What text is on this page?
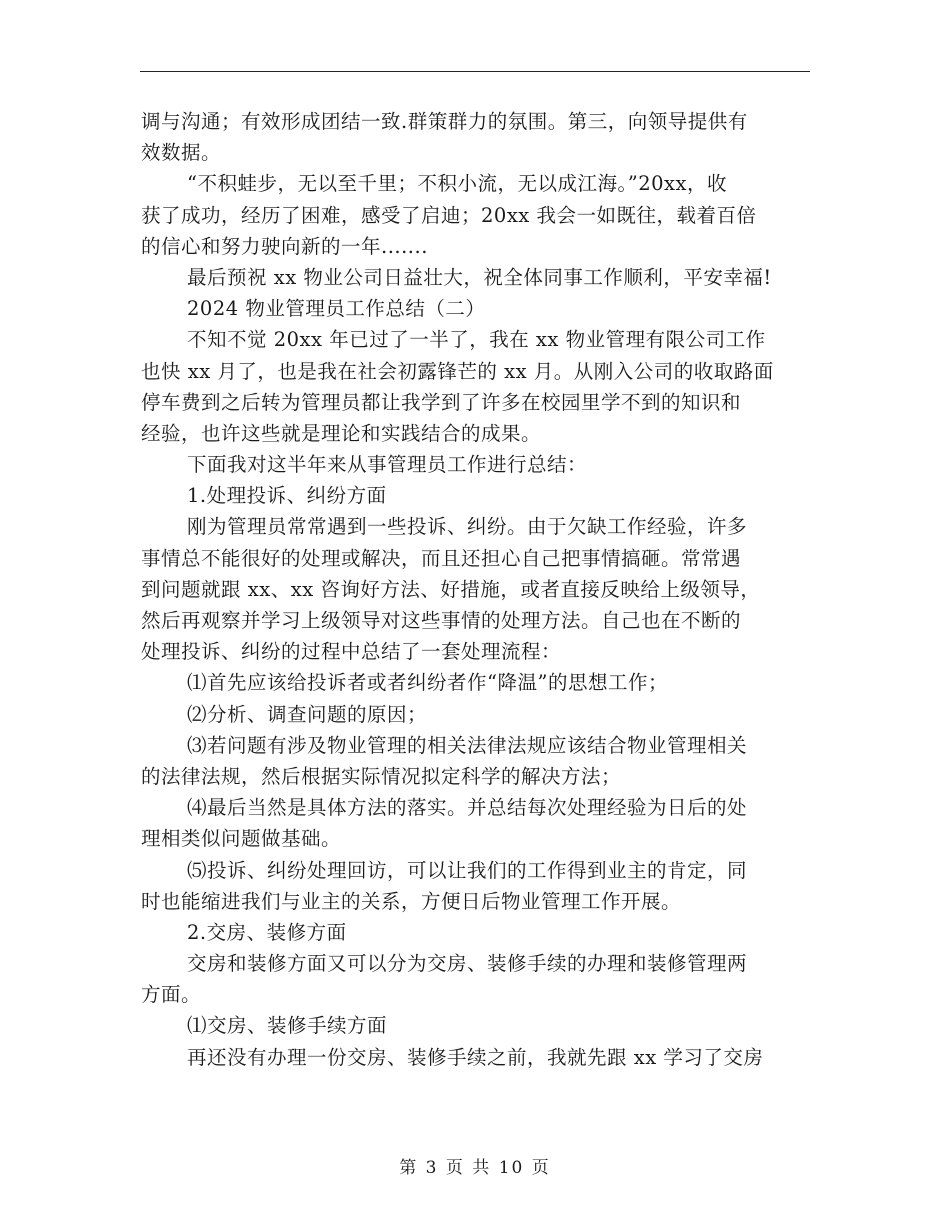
调与沟通；有效形成团结一致.群策群力的氛围。第三，向领导提供有
效数据。
“不积蛙步，无以至千里；不积小流，无以成江海。”20xx，收
获了成功，经历了困难，感受了启迪；20xx 我会一如既往，载着百倍
的信心和努力驶向新的一年.......
最后预祝 xx 物业公司日益壮大，祝全体同事工作顺利，平安幸福!
2024 物业管理员工作总结（二）
不知不觉 20xx 年已过了一半了，我在 xx 物业管理有限公司工作
也快 xx 月了，也是我在社会初露锋芒的 xx 月。从刚入公司的收取路面
停车费到之后转为管理员都让我学到了许多在校园里学不到的知识和
经验，也许这些就是理论和实践结合的成果。
下面我对这半年来从事管理员工作进行总结：
1.处理投诉、纠纷方面
刚为管理员常常遇到一些投诉、纠纷。由于欠缺工作经验，许多
事情总不能很好的处理或解决，而且还担心自己把事情搞砸。常常遇
到问题就跟 xx、xx 咨询好方法、好措施，或者直接反映给上级领导，
然后再观察并学习上级领导对这些事情的处理方法。自己也在不断的
处理投诉、纠纷的过程中总结了一套处理流程：
⑴首先应该给投诉者或者纠纷者作“降温”的思想工作；
⑵分析、调查问题的原因；
⑶若问题有涉及物业管理的相关法律法规应该结合物业管理相关
的法律法规，然后根据实际情况拟定科学的解决方法；
⑷最后当然是具体方法的落实。并总结每次处理经验为日后的处
理相类似问题做基础。
⑸投诉、纠纷处理回访，可以让我们的工作得到业主的肯定，同
时也能缩进我们与业主的关系，方便日后物业管理工作开展。
2.交房、装修方面
交房和装修方面又可以分为交房、装修手续的办理和装修管理两
方面。
⑴交房、装修手续方面
再还没有办理一份交房、装修手续之前，我就先跟 xx 学习了交房
第 3 页 共 10 页
